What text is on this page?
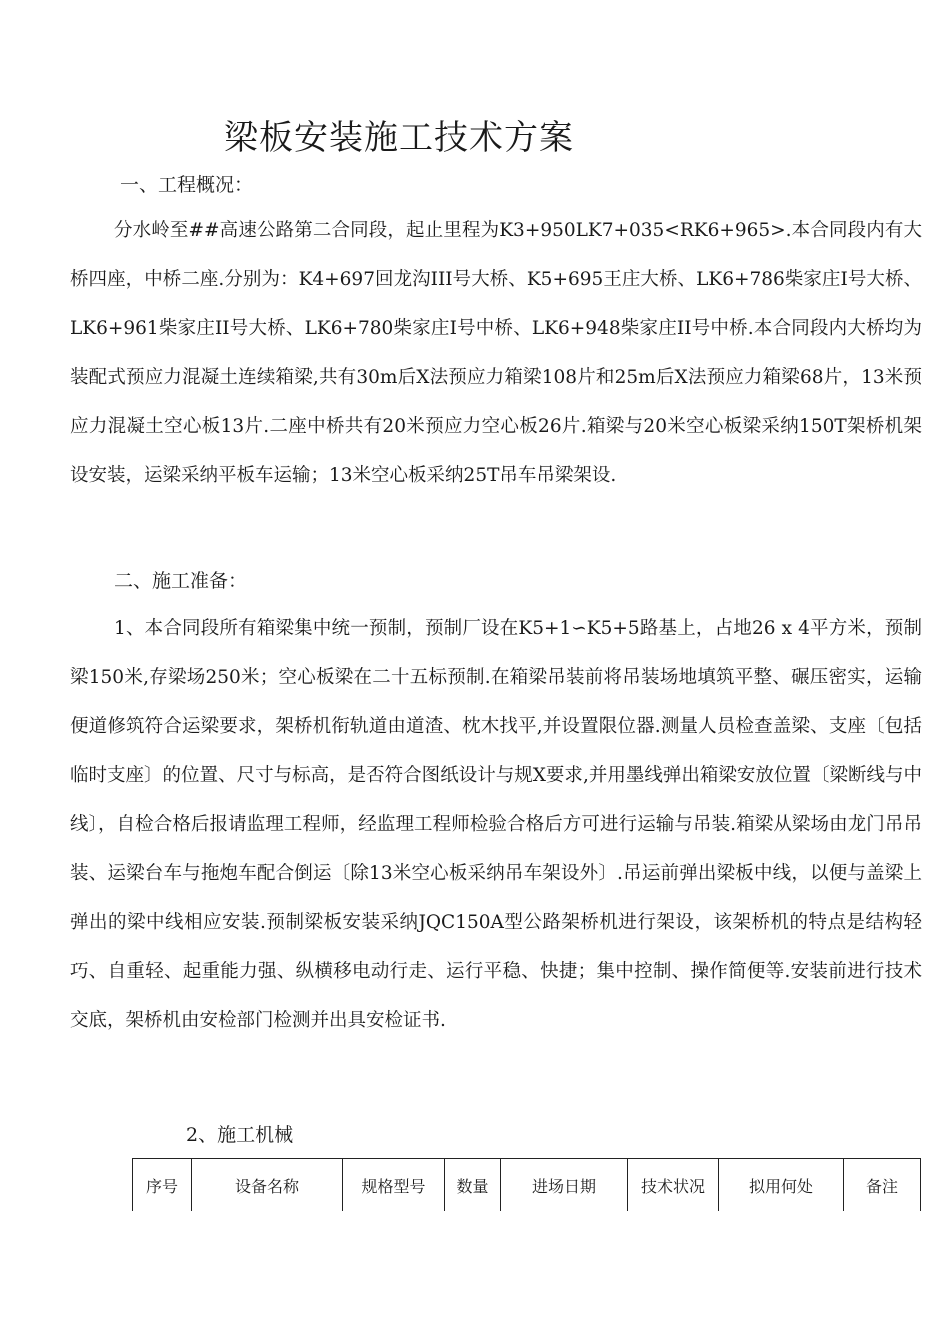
梁板安装施工技术方案
一、工程概况：

分水岭至##高速公路第二合同段，起止里程为K3+950LK7+035<RK6+965>.本合同段内有大桥四座，中桥二座.分别为：K4+697回龙沟III号大桥、K5+695王庄大桥、LK6+786柴家庄I号大桥、LK6+961柴家庄II号大桥、LK6+780柴家庄I号中桥、LK6+948柴家庄II号中桥.本合同段内大桥均为装配式预应力混凝土连续箱梁,共有30m后X法预应力箱梁108片和25m后X法预应力箱梁68片，13米预应力混凝土空心板13片.二座中桥共有20米预应力空心板26片.箱梁与20米空心板梁采纳150T架桥机架设安装，运梁采纳平板车运输；13米空心板采纳25T吊车吊梁架设.

二、施工准备：

1、本合同段所有箱梁集中统一预制，预制厂设在K5+1∽K5+5路基上，占地26 x 4平方米，预制梁150米,存梁场250米；空心板梁在二十五标预制.在箱梁吊装前将吊装场地填筑平整、碾压密实，运输便道修筑符合运梁要求，架桥机衔轨道由道渣、枕木找平,并设置限位器.测量人员检查盖梁、支座〔包括临时支座〕的位置、尺寸与标高，是否符合图纸设计与规X要求,并用墨线弹出箱梁安放位置〔梁断线与中线〕，自检合格后报请监理工程师，经监理工程师检验合格后方可进行运输与吊装.箱梁从梁场由龙门吊吊装、运梁台车与拖炮车配合倒运〔除13米空心板采纳吊车架设外〕.吊运前弹出梁板中线，以便与盖梁上弹出的梁中线相应安装.预制梁板安装采纳JQC150A型公路架桥机进行架设，该架桥机的特点是结构轻巧、自重轻、起重能力强、纵横移电动行走、运行平稳、快捷；集中控制、操作简便等.安装前进行技术交底，架桥机由安检部门检测并出具安检证书.

2、施工机械
序号	设备名称	规格型号	数量	进场日期	技术状况	拟用何处	备注
